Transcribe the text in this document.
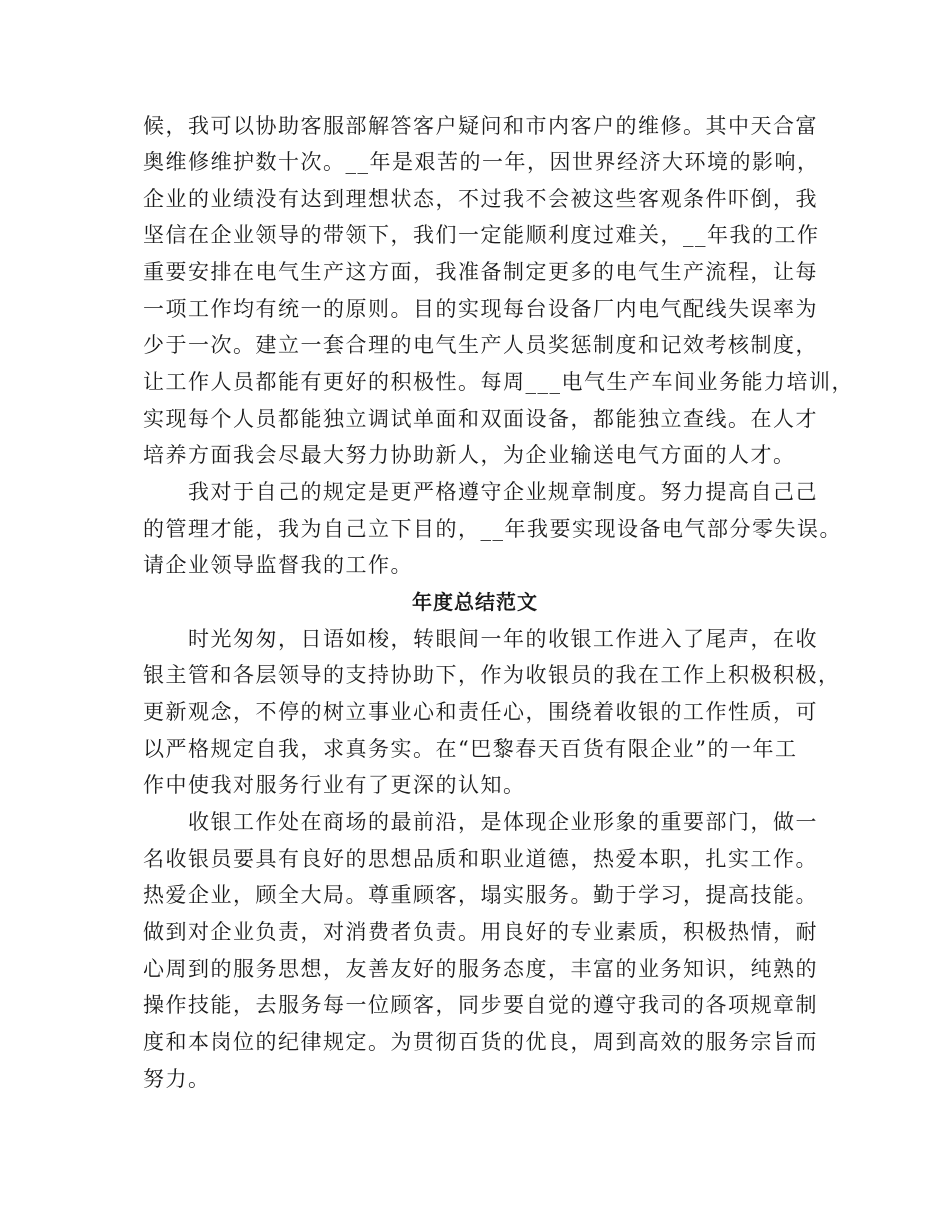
候，我可以协助客服部解答客户疑问和市内客户的维修。其中天合富
奥维修维护数十次。__年是艰苦的一年，因世界经济大环境的影响，
企业的业绩没有达到理想状态，不过我不会被这些客观条件吓倒，我
坚信在企业领导的带领下，我们一定能顺利度过难关，__年我的工作
重要安排在电气生产这方面，我准备制定更多的电气生产流程，让每
一项工作均有统一的原则。目的实现每台设备厂内电气配线失误率为
少于一次。建立一套合理的电气生产人员奖惩制度和记效考核制度，
让工作人员都能有更好的积极性。每周___电气生产车间业务能力培训，
实现每个人员都能独立调试单面和双面设备，都能独立查线。在人才
培养方面我会尽最大努力协助新人，为企业输送电气方面的人才。
　　我对于自己的规定是更严格遵守企业规章制度。努力提高自己己
的管理才能，我为自己立下目的，__年我要实现设备电气部分零失误。
请企业领导监督我的工作。
年度总结范文
　　时光匆匆，日语如梭，转眼间一年的收银工作进入了尾声，在收
银主管和各层领导的支持协助下，作为收银员的我在工作上积极积极，
更新观念，不停的树立事业心和责任心，围绕着收银的工作性质，可
以严格规定自我，求真务实。在“巴黎春天百货有限企业”的一年工
作中使我对服务行业有了更深的认知。
　　收银工作处在商场的最前沿，是体现企业形象的重要部门，做一
名收银员要具有良好的思想品质和职业道德，热爱本职，扎实工作。
热爱企业，顾全大局。尊重顾客，塌实服务。勤于学习，提高技能。
做到对企业负责，对消费者负责。用良好的专业素质，积极热情，耐
心周到的服务思想，友善友好的服务态度，丰富的业务知识，纯熟的
操作技能，去服务每一位顾客，同步要自觉的遵守我司的各项规章制
度和本岗位的纪律规定。为贯彻百货的优良，周到高效的服务宗旨而
努力。
